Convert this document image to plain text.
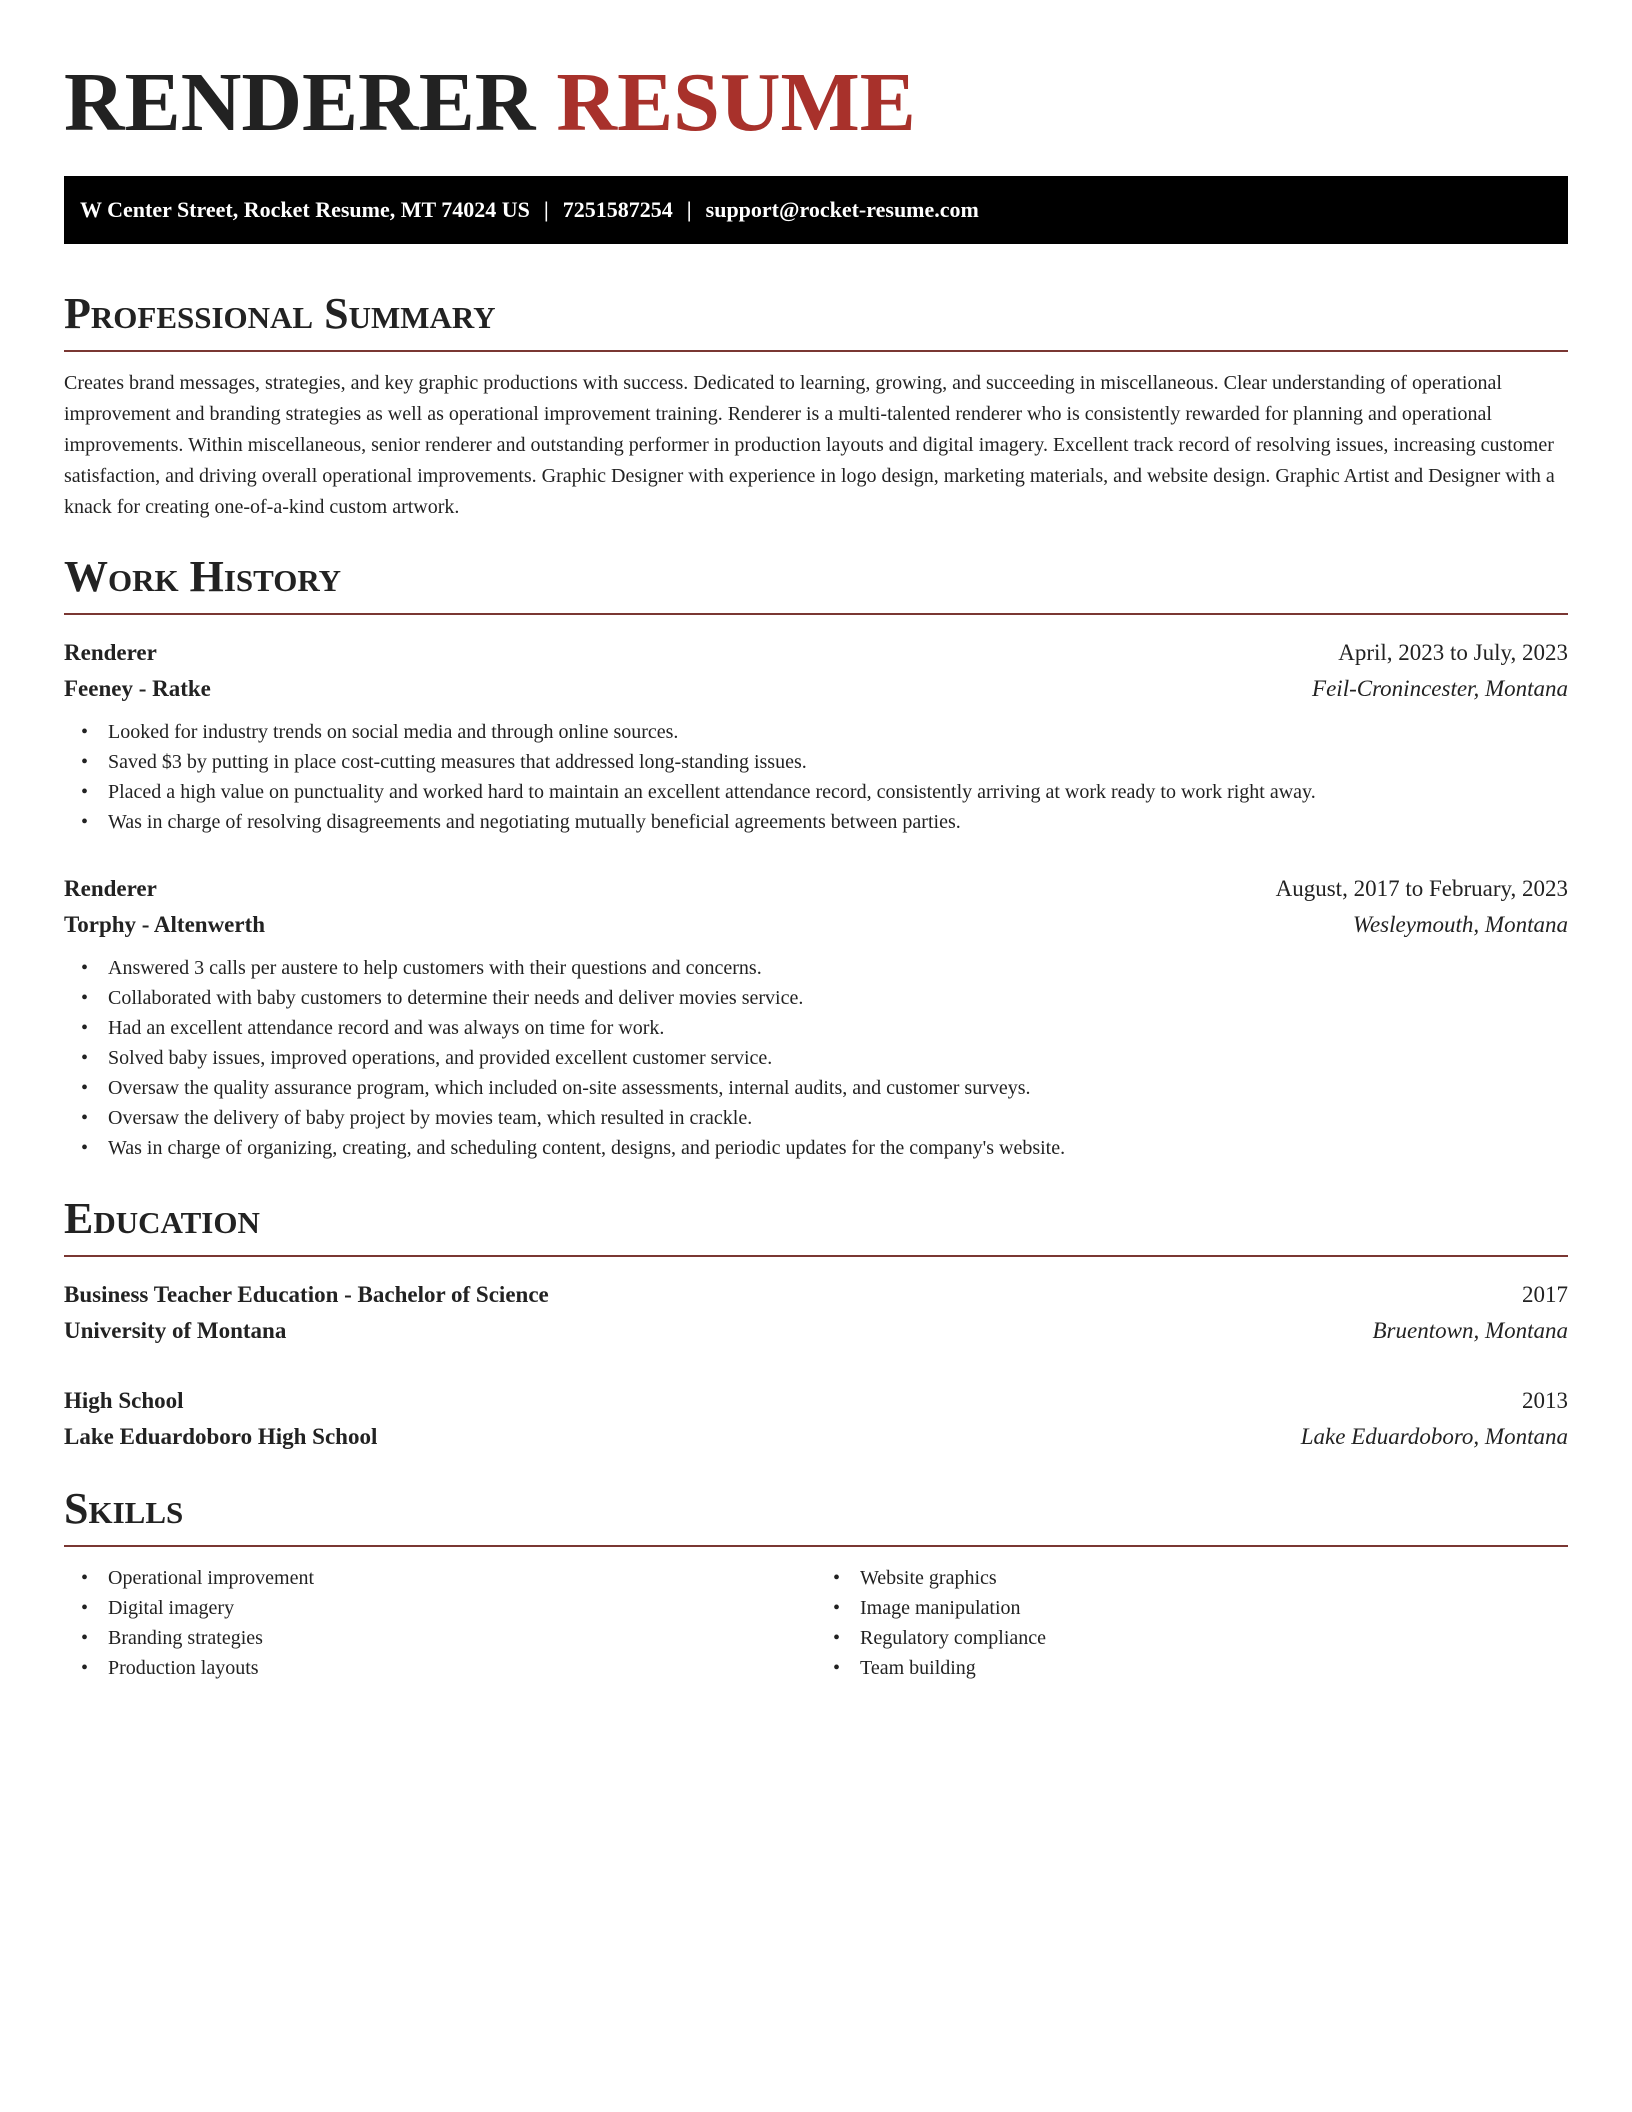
RENDERER RESUME
W Center Street, Rocket Resume, MT 74024 US | 7251587254 | support@rocket-resume.com
Professional Summary

Creates brand messages, strategies, and key graphic productions with success. Dedicated to learning, growing, and succeeding in miscellaneous. Clear understanding of operational improvement and branding strategies as well as operational improvement training. Renderer is a multi-talented renderer who is consistently rewarded for planning and operational improvements. Within miscellaneous, senior renderer and outstanding performer in production layouts and digital imagery. Excellent track record of resolving issues, increasing customer satisfaction, and driving overall operational improvements. Graphic Designer with experience in logo design, marketing materials, and website design. Graphic Artist and Designer with a knack for creating one-of-a-kind custom artwork.

Work History
Renderer	April, 2023 to July, 2023
Feeney - Ratke	Feil-Cronincester, Montana
• Looked for industry trends on social media and through online sources.
• Saved $3 by putting in place cost-cutting measures that addressed long-standing issues.
• Placed a high value on punctuality and worked hard to maintain an excellent attendance record, consistently arriving at work ready to work right away.
• Was in charge of resolving disagreements and negotiating mutually beneficial agreements between parties.
Renderer	August, 2017 to February, 2023
Torphy - Altenwerth	Wesleymouth, Montana
• Answered 3 calls per austere to help customers with their questions and concerns.
• Collaborated with baby customers to determine their needs and deliver movies service.
• Had an excellent attendance record and was always on time for work.
• Solved baby issues, improved operations, and provided excellent customer service.
• Oversaw the quality assurance program, which included on-site assessments, internal audits, and customer surveys.
• Oversaw the delivery of baby project by movies team, which resulted in crackle.
• Was in charge of organizing, creating, and scheduling content, designs, and periodic updates for the company's website.
Education
Business Teacher Education - Bachelor of Science	2017
University of Montana	Bruentown, Montana
High School	2013
Lake Eduardoboro High School	Lake Eduardoboro, Montana
Skills
• Operational improvement
• Digital imagery
• Branding strategies
• Production layouts
• Website graphics
• Image manipulation
• Regulatory compliance
• Team building
